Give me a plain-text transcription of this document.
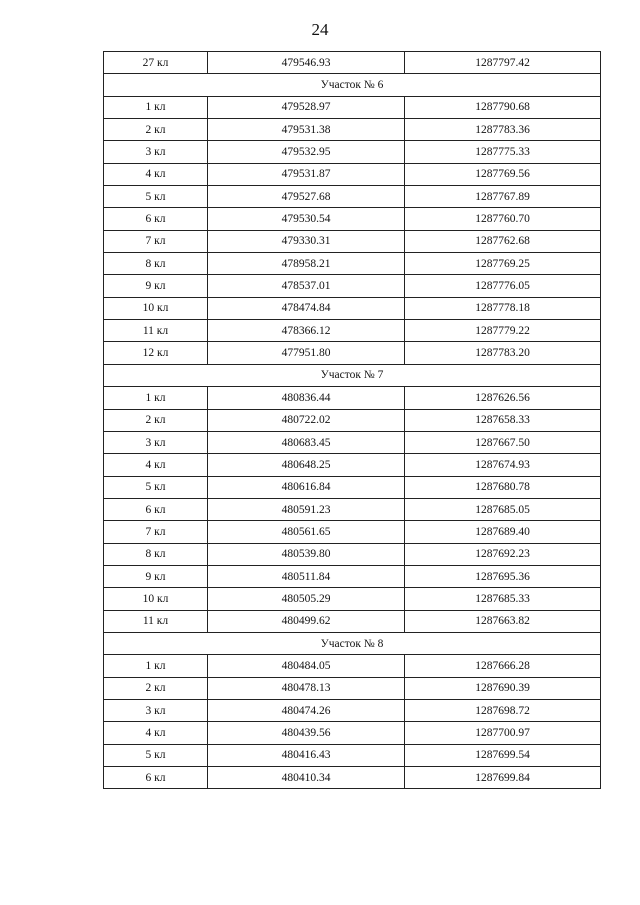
24
27 кл	479546.93	1287797.42
Участок № 6		
1 кл	479528.97	1287790.68
2 кл	479531.38	1287783.36
3 кл	479532.95	1287775.33
4 кл	479531.87	1287769.56
5 кл	479527.68	1287767.89
6 кл	479530.54	1287760.70
7 кл	479330.31	1287762.68
8 кл	478958.21	1287769.25
9 кл	478537.01	1287776.05
10 кл	478474.84	1287778.18
11 кл	478366.12	1287779.22
12 кл	477951.80	1287783.20
Участок № 7		
1 кл	480836.44	1287626.56
2 кл	480722.02	1287658.33
3 кл	480683.45	1287667.50
4 кл	480648.25	1287674.93
5 кл	480616.84	1287680.78
6 кл	480591.23	1287685.05
7 кл	480561.65	1287689.40
8 кл	480539.80	1287692.23
9 кл	480511.84	1287695.36
10 кл	480505.29	1287685.33
11 кл	480499.62	1287663.82
Участок № 8		
1 кл	480484.05	1287666.28
2 кл	480478.13	1287690.39
3 кл	480474.26	1287698.72
4 кл	480439.56	1287700.97
5 кл	480416.43	1287699.54
6 кл	480410.34	1287699.84
